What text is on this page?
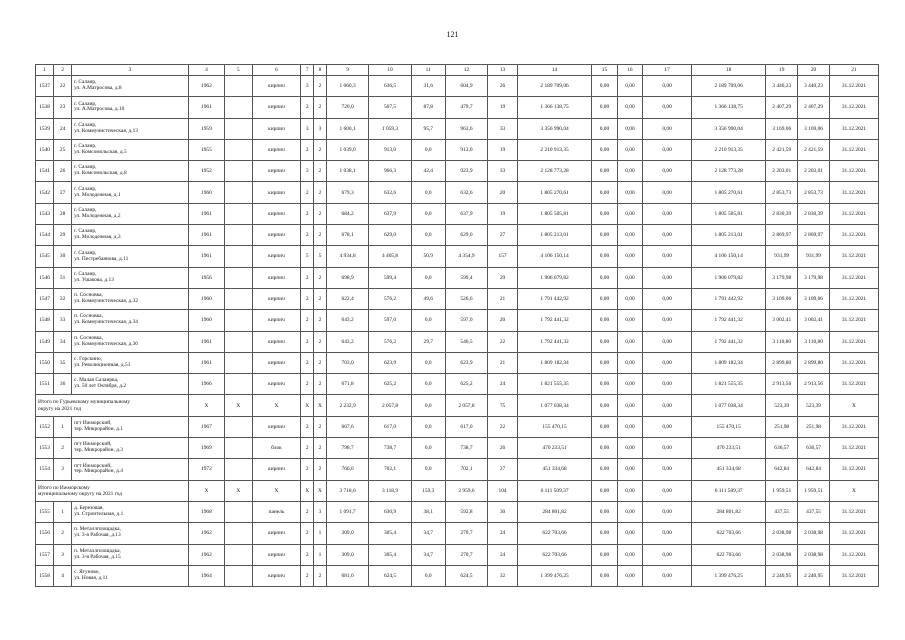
121
1	2	3	4	5	6	7	8	9	10	11	12	13	14	15	16	17	18	19	20	21
1537	22	г. Салаир,
ул. А.Матросова, д.8	1962		кирпич	3	2	1 060,3	636,5	31,6	604,9	26	2 189 709,06	0,00	0,00	0,00	2 189 709,06	3 440,23	3 440,23	31.12.2021
1538	23	г. Салаир,
ул. А.Матросова, д.10	1961		кирпич	2	2	720,0	567,5	87,8	479,7	19	1 366 138,75	0,00	0,00	0,00	1 366 138,75	2 407,29	2 407,29	31.12.2021
1539	24	г. Салаир,
ул. Коммунистическая, д.13	1959		кирпич	3	3	1 600,1	1 059,3	95,7	963,6	33	3 356 990,04	0,00	0,00	0,00	3 356 990,04	3 169,06	3 169,06	31.12.2021
1540	25	г. Салаир,
ул. Комсомольская, д.5	1955		кирпич	2	2	1 039,0	913,0	0,0	913,0	19	2 210 913,35	0,00	0,00	0,00	2 210 913,35	2 421,59	2 421,59	31.12.2021
1541	26	г. Салаир,
ул. Комсомольская, д.8	1952		кирпич	3	2	1 038,1	966,3	42,4	923,9	33	2 128 773,28	0,00	0,00	0,00	2 128 773,28	2 203,01	2 203,01	31.12.2021
1542	27	г. Салаир,
ул. Молодежная, д.1	1960		кирпич	2	2	679,3	632,6	0,0	632,6	20	1 805 270,61	0,00	0,00	0,00	1 805 270,61	2 853,73	2 853,73	31.12.2021
1543	28	г. Салаир,
ул. Молодежная, д.2	1961		кирпич	2	2	684,2	637,9	0,0	637,9	19	1 805 505,81	0,00	0,00	0,00	1 805 505,81	2 830,39	2 830,39	31.12.2021
1544	29	г. Салаир,
ул. Молодежная, д.3	1961		кирпич	2	2	678,1	629,0	0,0	629,0	27	1 805 213,01	0,00	0,00	0,00	1 805 213,01	2 869,97	2 869,97	31.12.2021
1545	30	г. Салаир,
ул. Пестребаянова, д.11	1961		кирпич	5	5	4 934,8	4 405,8	50,9	4 354,9	157	4 106 150,14	0,00	0,00	0,00	4 106 150,14	931,99	931,99	31.12.2021
1546	31	г. Салаир,
ул. Ушакова, д.13	1956		кирпич	2	2	698,9	599,4	0,0	599,4	29	1 906 079,82	0,00	0,00	0,00	1 906 079,82	3 179,98	3 179,98	31.12.2021
1547	32	п. Сосновка,
ул. Коммунистическая, д.32	1960		кирпич	2	2	622,4	576,2	49,6	526,6	21	1 791 442,92	0,00	0,00	0,00	1 791 442,92	3 109,06	3 109,06	31.12.2021
1548	33	п. Сосновка,
ул. Коммунистическая, д.34	1960		кирпич	2	2	643,2	597,0	0,0	597,0	20	1 792 441,32	0,00	0,00	0,00	1 792 441,32	3 002,41	3 002,41	31.12.2021
1549	34	п. Сосновка,
ул. Коммунистическая, д.36	1961		кирпич	2	2	643,2	576,2	29,7	546,5	22	1 792 441,32	0,00	0,00	0,00	1 792 441,32	3 110,80	3 110,80	31.12.2021
1550	35	с. Горскино,
ул. Революционная, д.51	1961		кирпич	2	2	703,0	623,9	0,0	623,9	21	1 809 182,34	0,00	0,00	0,00	1 809 182,34	2 899,80	2 899,80	31.12.2021
1551	36	с. Малая Салаирка,
ул. 50 лет Октября, д.2	1966		кирпич	2	2	671,8	625,2	0,0	625,2	24	1 821 555,35	0,00	0,00	0,00	1 821 555,35	2 913,56	2 913,56	31.12.2021

Итого по Гурьевскому муниципальному
округу на 2021 год			X	X	X	X	X	2 232,9	2 057,8	0,0	2 057,8	75	1 077 038,34	0,00	0,00	0,00	1 077 038,34	523,39	523,39	X
1552	1	пгт Ижморский,
тер. Микрорайон, д.1	1967		кирпич	2	2	667,6	617,0	0,0	617,0	22	155 470,15	0,00	0,00	0,00	155 470,15	251,98	251,98	31.12.2021
1553	2	пгт Ижморский,
тер. Микрорайон, д.3	1969		блок	2	2	798,7	738,7	0,0	738,7	26	470 233,51	0,00	0,00	0,00	470 233,51	636,57	636,57	31.12.2021
1554	3	пгт Ижморский,
тер. Микрорайон, д.4	1972		кирпич	2	2	766,6	702,1	0,0	702,1	27	451 334,68	0,00	0,00	0,00	451 334,68	642,84	642,84	31.12.2021

Итого по Ижморскому
муниципальному округу на 2021 год			X	X	X	X	X	3 718,6	3 118,9	159,3	2 959,6	104	6 111 509,37	0,00	0,00	0,00	6 111 509,37	1 959,51	1 959,51	X
1555	1	д. Березовая,
ул. Строительная, д.1	1968		панель	2	3	1 091,7	630,9	38,1	592,8	30	284 801,82	0,00	0,00	0,00	284 801,82	437,55	437,55	31.12.2021
1556	2	п. Металлплощадка,
ул. 3-я Рабочая, д.13	1962		кирпич	2	1	309,0	305,4	34,7	270,7	24	622 703,66	0,00	0,00	0,00	622 703,66	2 038,98	2 038,98	31.12.2021
1557	3	п. Металлплощадка,
ул. 3-я Рабочая, д.15	1962		кирпич	2	1	309,0	305,4	34,7	270,7	24	622 703,66	0,00	0,00	0,00	622 703,66	2 038,98	2 038,98	31.12.2021
1558	4	с. Ягуново,
ул. Новая, д.11	1964		кирпич	2	2	681,6	624,5	0,0	624,5	32	1 399 476,25	0,00	0,00	0,00	1 399 476,25	2 240,95	2 240,95	31.12.2021
